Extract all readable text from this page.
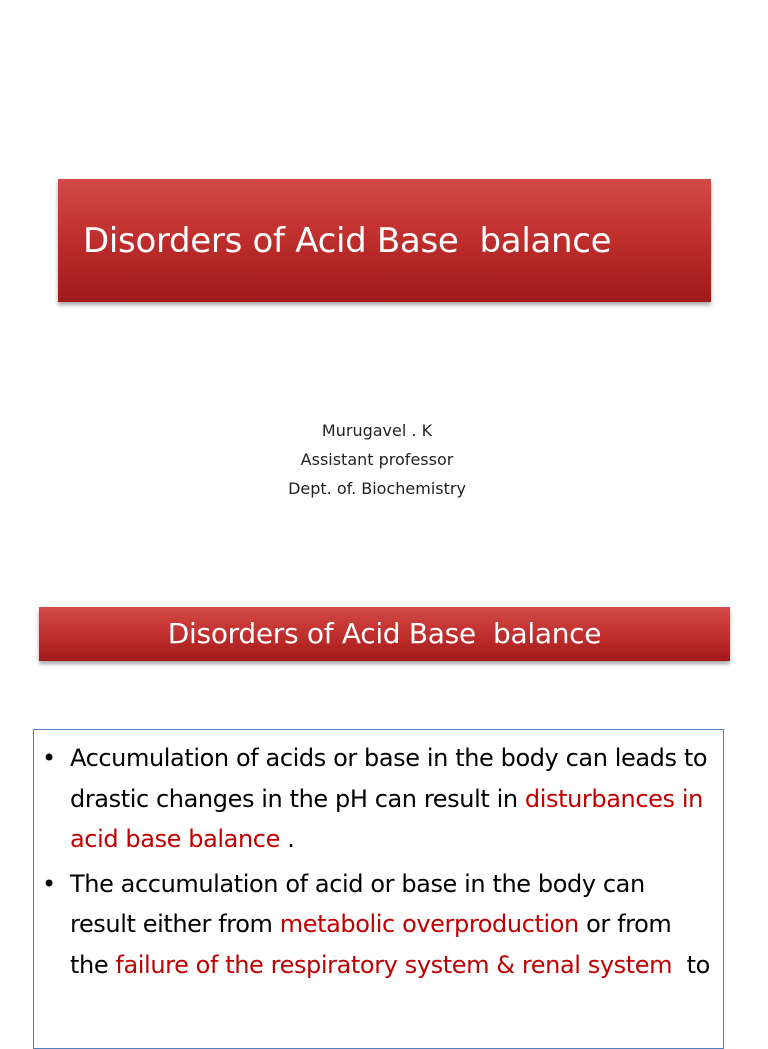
Disorders of Acid Base  balance
Murugavel . K
Assistant professor
Dept. of. Biochemistry
Disorders of Acid Base  balance
• Accumulation of acids or base in the body can leads to drastic changes in the pH can result in disturbances in acid base balance .
• The accumulation of acid or base in the body can result either from metabolic overproduction or from the failure of the respiratory system & renal system  to
